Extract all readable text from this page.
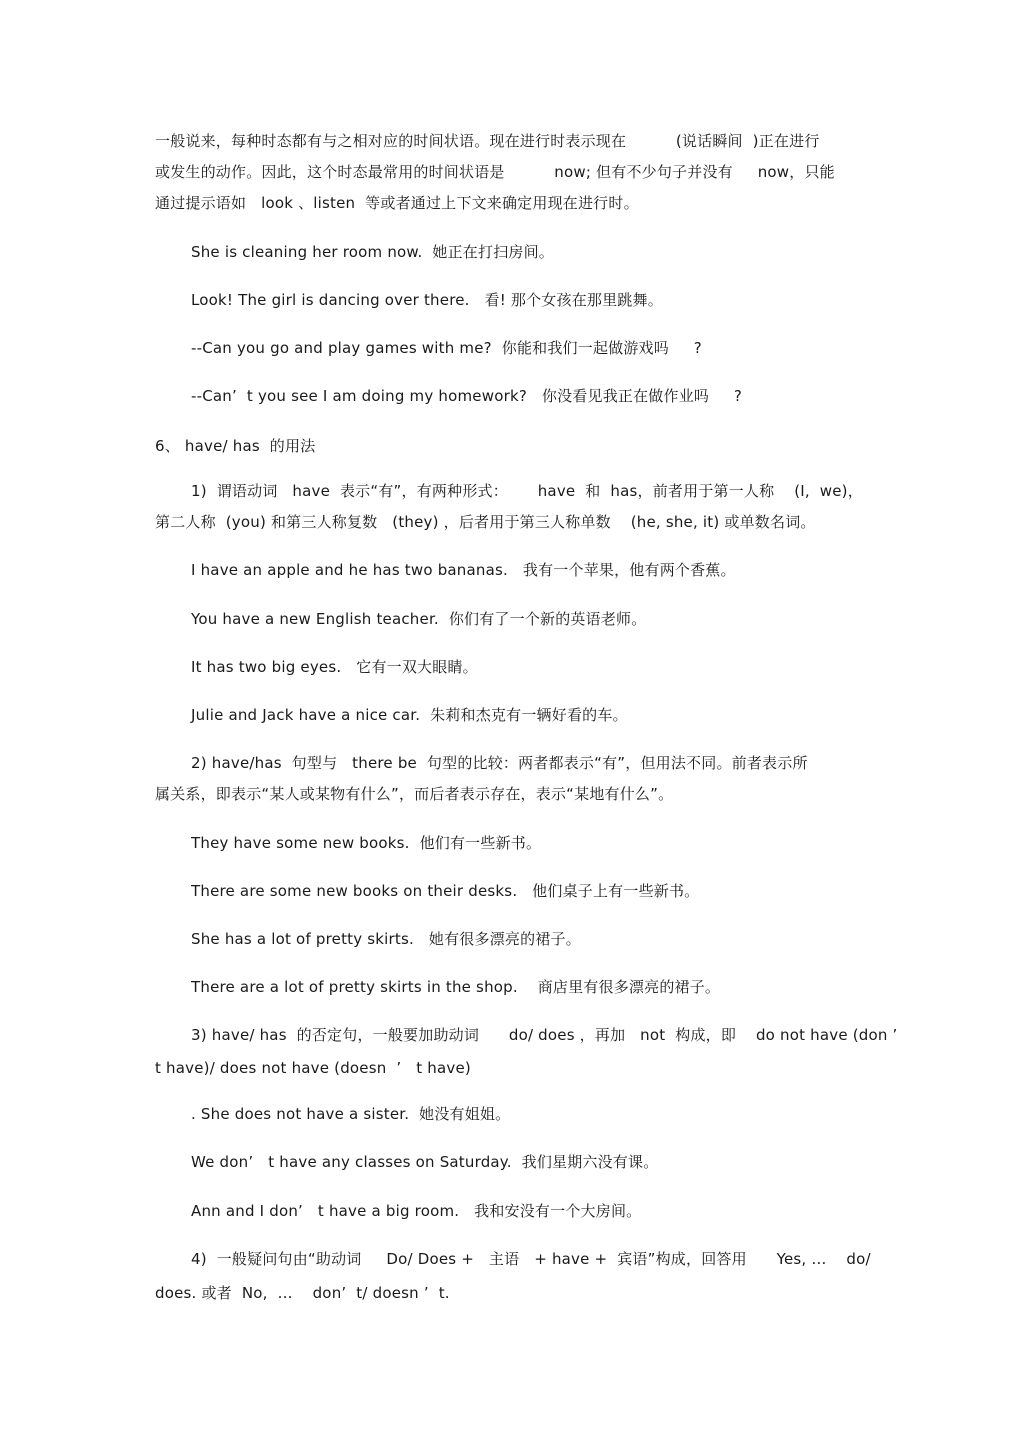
一般说来，每种时态都有与之相对应的时间状语。现在进行时表示现在          (说话瞬间  )正在进行
或发生的动作。因此，这个时态最常用的时间状语是          now; 但有不少句子并没有     now，只能
通过提示语如   look 、listen  等或者通过上下文来确定用现在进行时。
She is cleaning her room now.  她正在打扫房间。
Look! The girl is dancing over there.   看! 那个女孩在那里跳舞。
--Can you go and play games with me?  你能和我们一起做游戏吗     ?
--Can’  t you see I am doing my homework?   你没看见我正在做作业吗     ?
6、 have/ has  的用法
1)  谓语动词   have  表示“有”，有两种形式：      have  和  has，前者用于第一人称    (I,  we)，
第二人称  (you) 和第三人称复数   (they) ，后者用于第三人称单数    (he, she, it) 或单数名词。
I have an apple and he has two bananas.   我有一个苹果，他有两个香蕉。
You have a new English teacher.  你们有了一个新的英语老师。
It has two big eyes.   它有一双大眼睛。
Julie and Jack have a nice car.  朱莉和杰克有一辆好看的车。
2) have/has  句型与   there be  句型的比较：两者都表示“有”，但用法不同。前者表示所
属关系，即表示“某人或某物有什么”，而后者表示存在，表示“某地有什么”。
They have some new books.  他们有一些新书。
There are some new books on their desks.   他们桌子上有一些新书。
She has a lot of pretty skirts.   她有很多漂亮的裙子。
There are a lot of pretty skirts in the shop.    商店里有很多漂亮的裙子。
3) have/ has  的否定句，一般要加助动词      do/ does ，再加   not  构成，即    do not have (don ’
t have)/ does not have (doesn  ’   t have)
. She does not have a sister.  她没有姐姐。
We don’   t have any classes on Saturday.  我们星期六没有课。
Ann and I don’   t have a big room.   我和安没有一个大房间。
4)  一般疑问句由“助动词     Do/ Does +   主语   + have +  宾语”构成，回答用      Yes, …    do/
does. 或者  No,  …    don’  t/ doesn ’  t.
